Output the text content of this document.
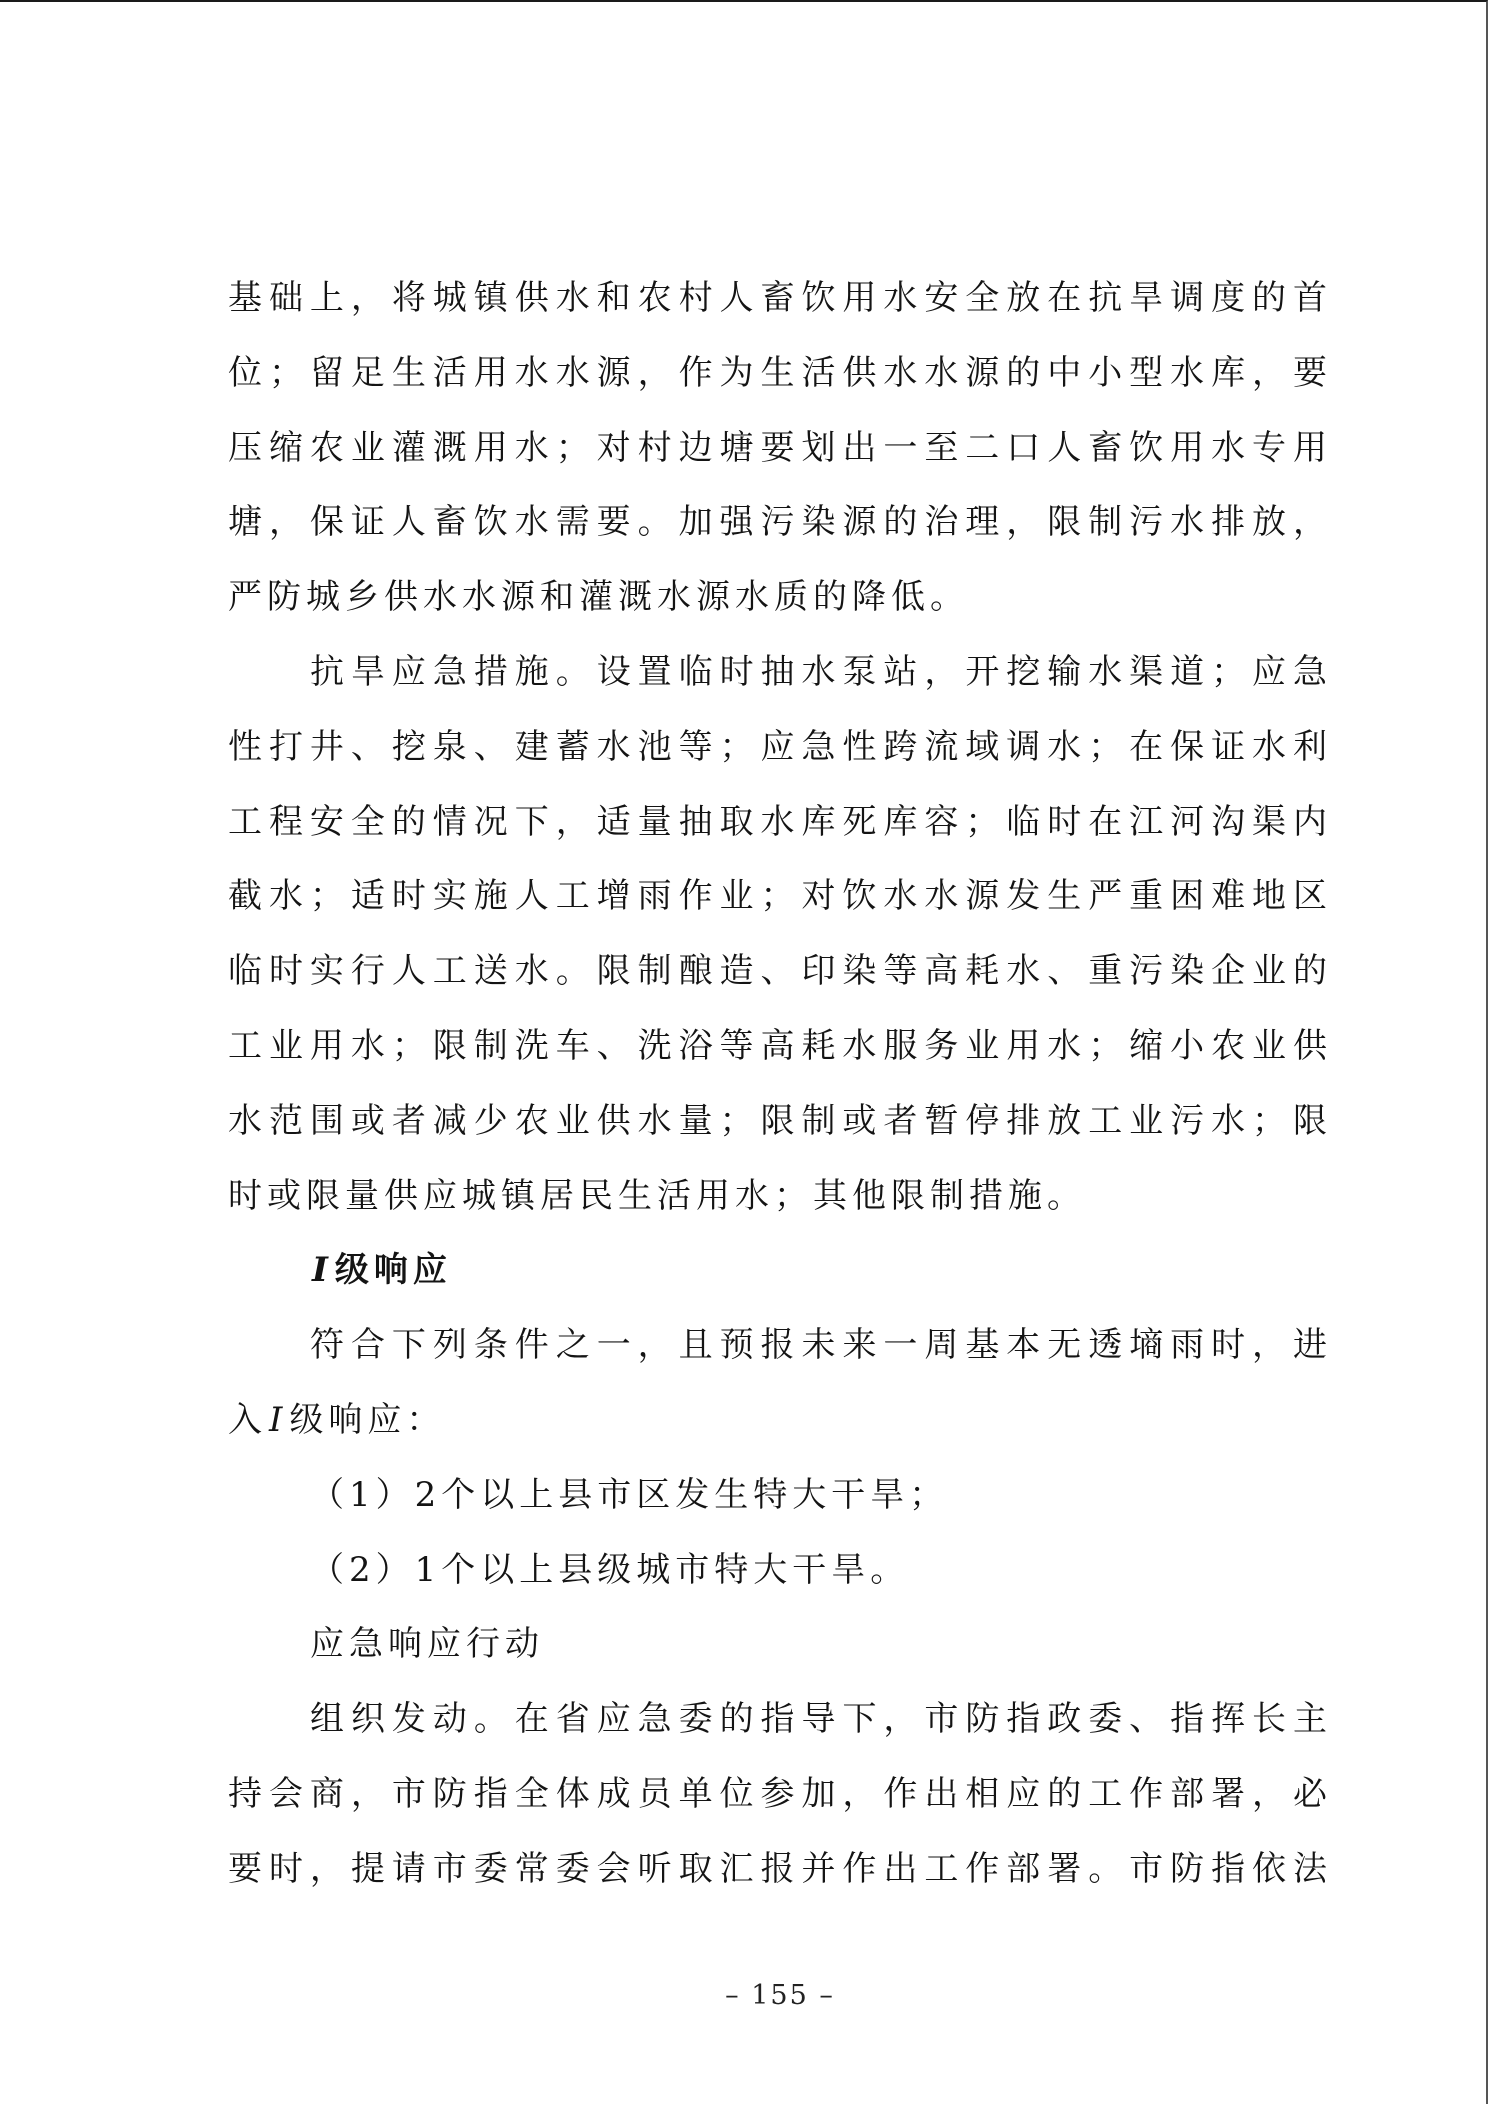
基础上，将城镇供水和农村人畜饮用水安全放在抗旱调度的首
位；留足生活用水水源，作为生活供水水源的中小型水库，要
压缩农业灌溉用水；对村边塘要划出一至二口人畜饮用水专用
塘，保证人畜饮水需要。加强污染源的治理，限制污水排放，
严防城乡供水水源和灌溉水源水质的降低。
抗旱应急措施。设置临时抽水泵站，开挖输水渠道；应急
性打井、挖泉、建蓄水池等；应急性跨流域调水；在保证水利
工程安全的情况下，适量抽取水库死库容；临时在江河沟渠内
截水；适时实施人工增雨作业；对饮水水源发生严重困难地区
临时实行人工送水。限制酿造、印染等高耗水、重污染企业的
工业用水；限制洗车、洗浴等高耗水服务业用水；缩小农业供
水范围或者减少农业供水量；限制或者暂停排放工业污水；限
时或限量供应城镇居民生活用水；其他限制措施。
I级响应
符合下列条件之一，且预报未来一周基本无透墒雨时，进
入I级响应：
（1）2个以上县市区发生特大干旱；
（2）1个以上县级城市特大干旱。
应急响应行动
组织发动。在省应急委的指导下，市防指政委、指挥长主
持会商，市防指全体成员单位参加，作出相应的工作部署，必
要时，提请市委常委会听取汇报并作出工作部署。市防指依法
– 155 –
